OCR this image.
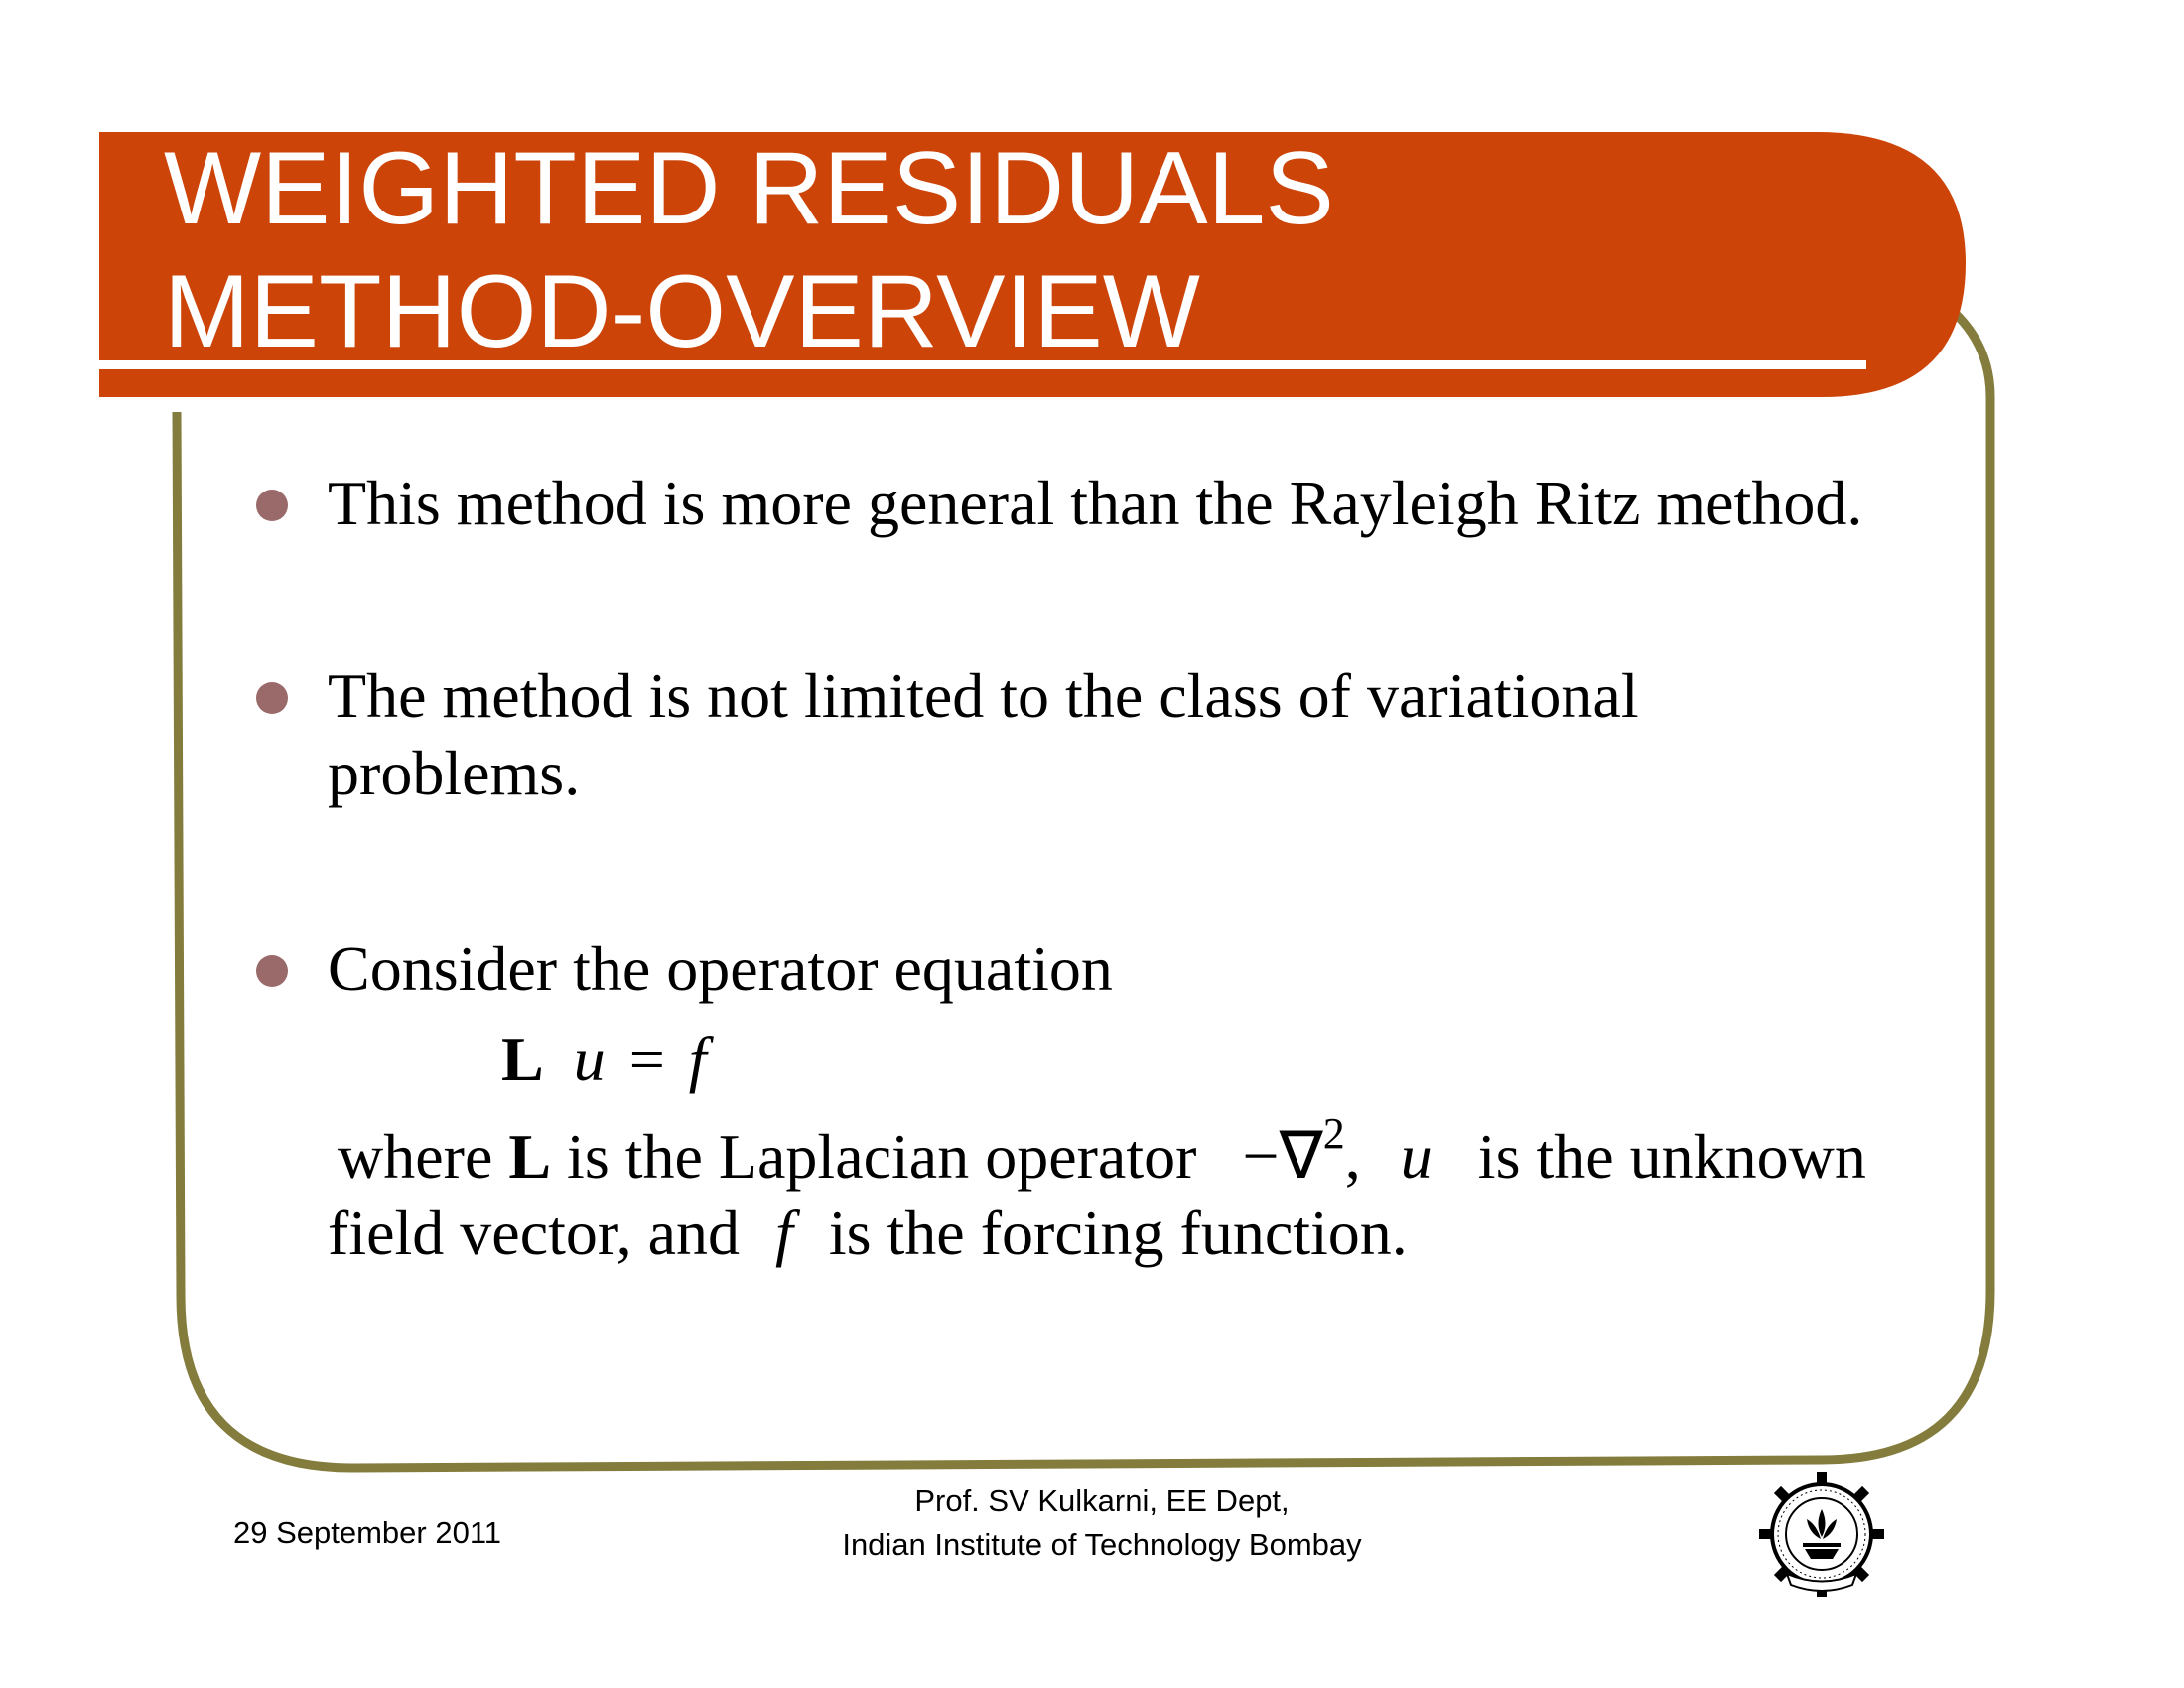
WEIGHTED RESIDUALS
METHOD-OVERVIEW

This method is more general than the Rayleigh Ritz method.

The method is not limited to the class of variational problems.

Consider the operator equation

L u = f
where L is the Laplacian operator −∇$^2$, u is the unknown
field vector, and f is the forcing function.
29 September 2011
Prof. SV Kulkarni, EE Dept,
Indian Institute of Technology Bombay
